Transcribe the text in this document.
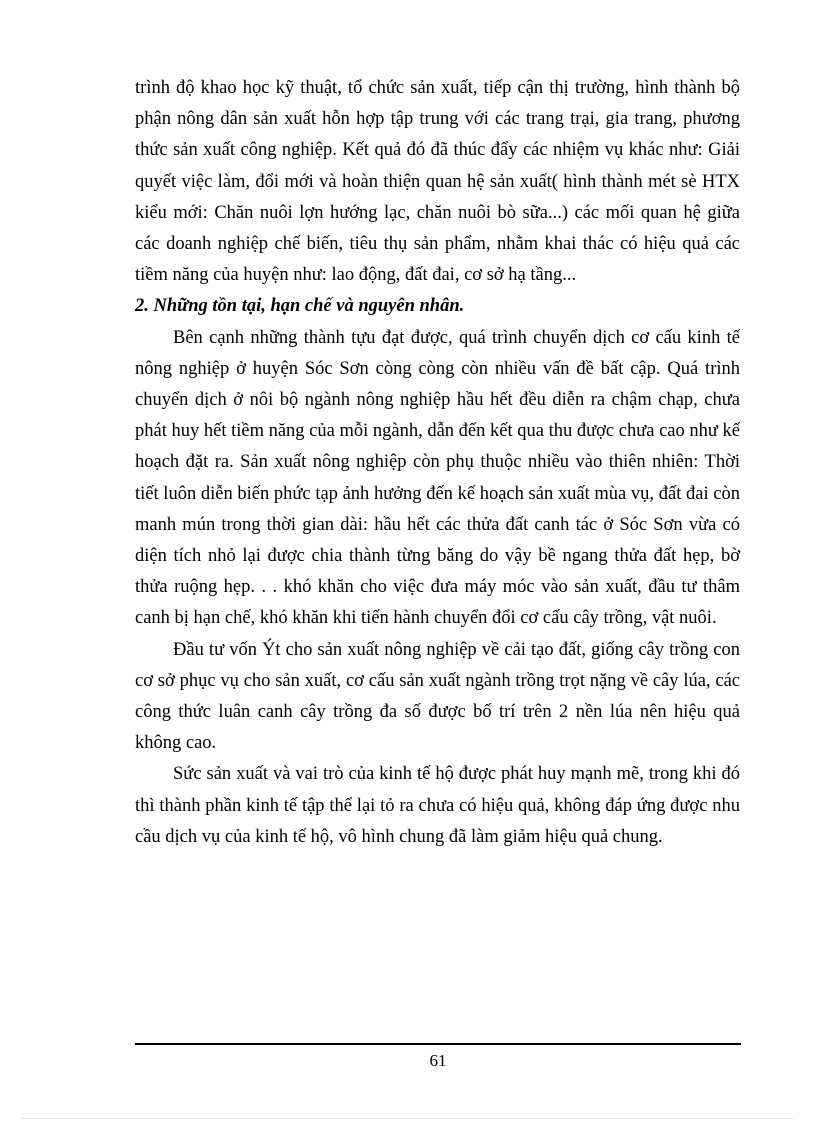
trình độ khao học kỹ thuật, tổ chức sản xuất, tiếp cận thị trường, hình thành bộ phận nông dân sản xuất hỗn hợp tập trung với các trang trại, gia trang, phương thức sản xuất công nghiệp. Kết quả đó đã thúc đẩy các nhiệm vụ khác như: Giải quyết việc làm, đổi mới và hoàn thiện quan hệ sản xuất( hình thành mét sè HTX kiểu mới: Chăn nuôi lợn hướng lạc, chăn nuôi bò sữa...) các mối quan hệ giữa các doanh nghiệp chế biến, tiêu thụ sản phẩm, nhằm khai thác có hiệu quả các tiềm năng của huyện như: lao động, đất đai, cơ sở hạ tầng...

2. Những tồn tại, hạn chế và nguyên nhân.

Bên cạnh những thành tựu đạt được, quá trình chuyển dịch cơ cấu kinh tế nông nghiệp ở huyện Sóc Sơn còng còng còn nhiều vấn đề bất cập. Quá trình chuyển dịch ở nôi bộ ngành nông nghiệp hầu hết đều diễn ra chậm chạp, chưa phát huy hết tiềm năng của mỗi ngành, dẫn đến kết qua thu được chưa cao như kế hoạch đặt ra. Sản xuất nông nghiệp còn phụ thuộc nhiều vào thiên nhiên: Thời tiết luôn diễn biến phức tạp ảnh hưởng đến kế hoạch sản xuất mùa vụ, đất đai còn manh mún trong thời gian dài: hầu hết các thửa đất canh tác ở Sóc Sơn vừa có diện tích nhỏ lại được chia thành từng băng do vậy bề ngang thửa đất hẹp, bờ thửa ruộng hẹp. . . khó khăn cho việc đưa máy móc vào sản xuất, đầu tư thâm canh bị hạn chế, khó khăn khi tiến hành chuyển đổi cơ cấu cây trồng, vật nuôi.

Đầu tư vốn Ýt cho sản xuất nông nghiệp về cải tạo đất, giống cây trồng con cơ sở phục vụ cho sản xuất, cơ cấu sản xuất ngành trồng trọt nặng về cây lúa, các công thức luân canh cây trồng đa số được bố trí trên 2 nền lúa nên hiệu quả không cao.

Sức sản xuất và vai trò của kinh tế hộ được phát huy mạnh mẽ, trong khi đó thì thành phần kinh tế tập thể lại tỏ ra chưa có hiệu quả, không đáp ứng được nhu cầu dịch vụ của kinh tế hộ, vô hình chung đã làm giảm hiệu quả chung.

61
